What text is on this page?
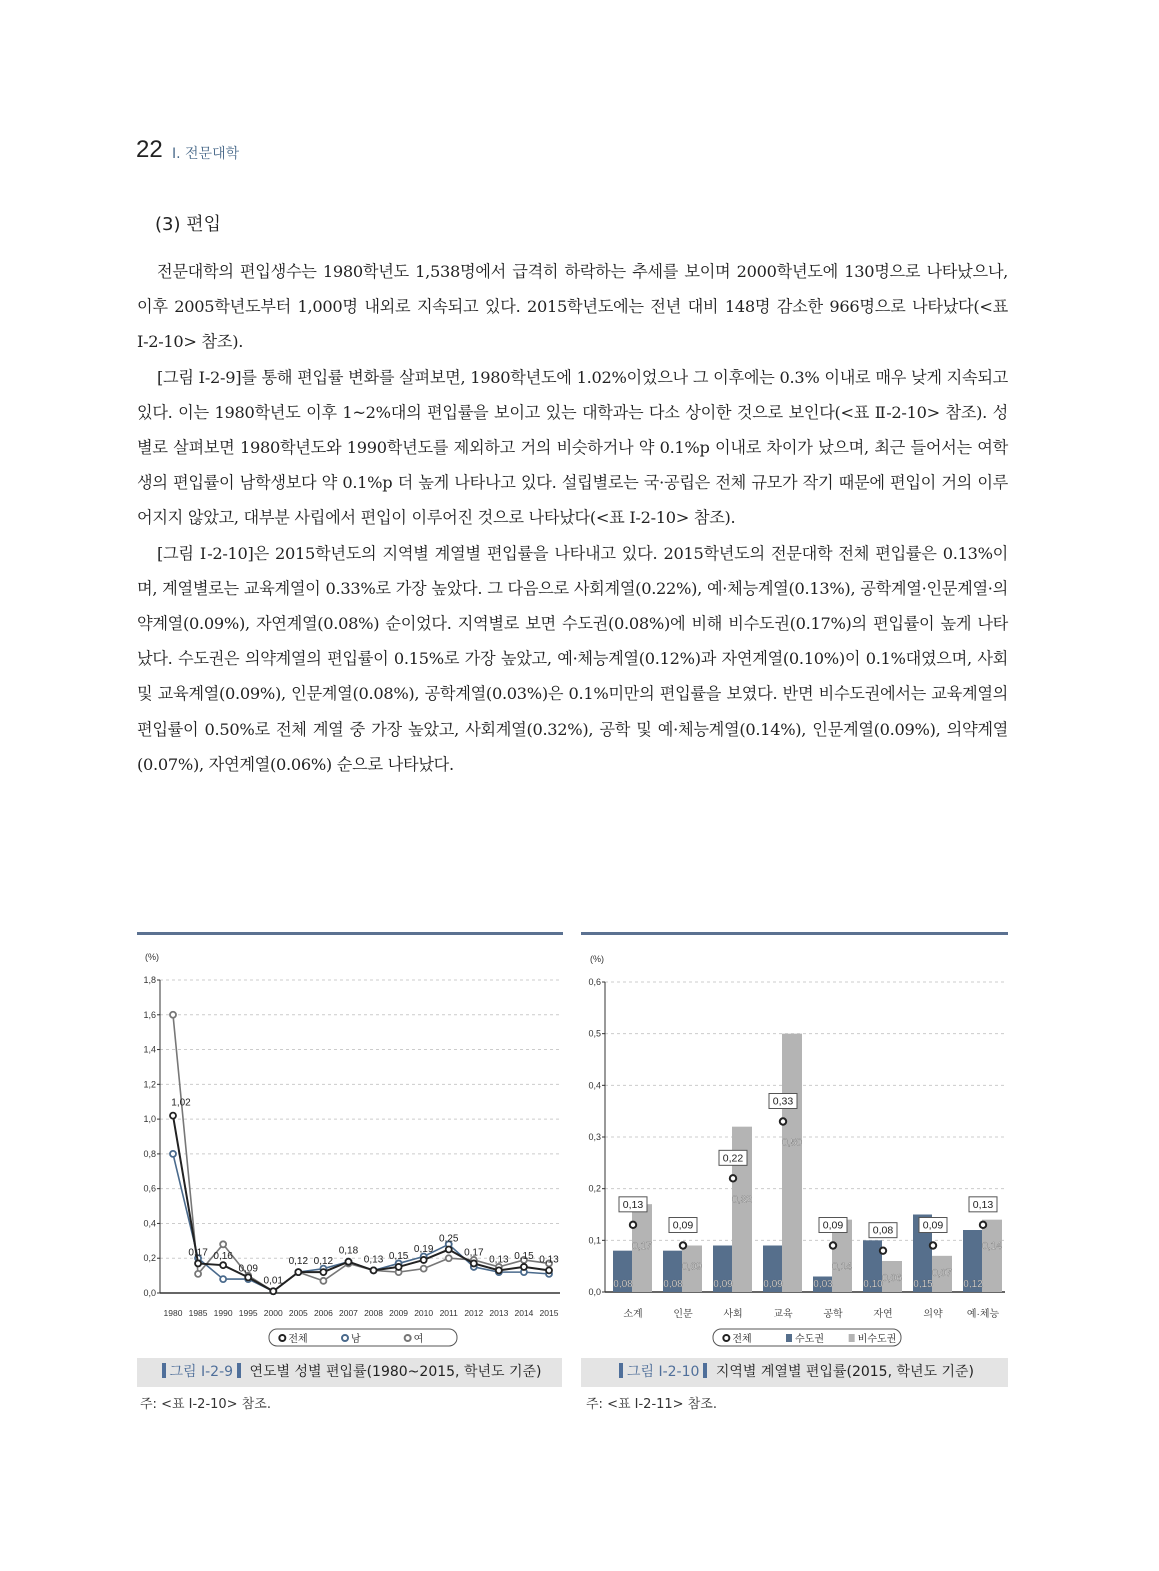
22 Ⅰ. 전문대학
(3) 편입

전문대학의 편입생수는 1980학년도 1,538명에서 급격히 하락하는 추세를 보이며 2000학년도에 130명으로 나타났으나, 이후 2005학년도부터 1,000명 내외로 지속되고 있다. 2015학년도에는 전년 대비 148명 감소한 966명으로 나타났다(<표 Ⅰ-2-10> 참조).

[그림 Ⅰ-2-9]를 통해 편입률 변화를 살펴보면, 1980학년도에 1.02%이었으나 그 이후에는 0.3% 이내로 매우 낮게 지속되고 있다. 이는 1980학년도 이후 1~2%대의 편입률을 보이고 있는 대학과는 다소 상이한 것으로 보인다(<표 Ⅱ-2-10> 참조). 성별로 살펴보면 1980학년도와 1990학년도를 제외하고 거의 비슷하거나 약 0.1%p 이내로 차이가 났으며, 최근 들어서는 여학생의 편입률이 남학생보다 약 0.1%p 더 높게 나타나고 있다. 설립별로는 국·공립은 전체 규모가 작기 때문에 편입이 거의 이루어지지 않았고, 대부분 사립에서 편입이 이루어진 것으로 나타났다(<표 Ⅰ-2-10> 참조).

[그림 Ⅰ-2-10]은 2015학년도의 지역별 계열별 편입률을 나타내고 있다. 2015학년도의 전문대학 전체 편입률은 0.13%이며, 계열별로는 교육계열이 0.33%로 가장 높았다. 그 다음으로 사회계열(0.22%), 예·체능계열(0.13%), 공학계열·인문계열·의약계열(0.09%), 자연계열(0.08%) 순이었다. 지역별로 보면 수도권(0.08%)에 비해 비수도권(0.17%)의 편입률이 높게 나타났다. 수도권은 의약계열의 편입률이 0.15%로 가장 높았고, 예·체능계열(0.12%)과 자연계열(0.10%)이 0.1%대였으며, 사회 및 교육계열(0.09%), 인문계열(0.08%), 공학계열(0.03%)은 0.1%미만의 편입률을 보였다. 반면 비수도권에서는 교육계열의 편입률이 0.50%로 전체 계열 중 가장 높았고, 사회계열(0.32%), 공학 및 예·체능계열(0.14%), 인문계열(0.09%), 의약계열(0.07%), 자연계열(0.06%) 순으로 나타났다.

(%)
0,0
0,2
0,4
0,6
0,8
1,0
1,2
1,4
1,6
1,8
1980 1985 1990 1995 2000 2005 2006 2007 2008 2009 2010 2011 2012 2013 2014 2015
1,02
0,17 0,16
0,09
0,01
0,12 0,12
0,18
0,13 0,15
0,19
0,25
0,17
0,13 0,15 0,13
전체	남	여
(%)
0,0
0,1
0,2
0,3
0,4
0,5
0,6
소계
0,08
0,17
0,13
인문
0,08
0,09
0,09
사회
0,09
0,32
0,22
교육
0,09
0,50
0,33
공학
0,03
0,14
0,09
자연
0,10
0,06
0,08
의약
0,15
0,07
0,09
예·체능
0,12
0,14
0,13
전체	수도권	비수도권
그림 Ⅰ-2-9 연도별 성별 편입률(1980~2015, 학년도 기준)	그림 Ⅰ-2-10 지역별 계열별 편입률(2015, 학년도 기준)
주: <표 Ⅰ-2-10> 참조.	주: <표 Ⅰ-2-11> 참조.
